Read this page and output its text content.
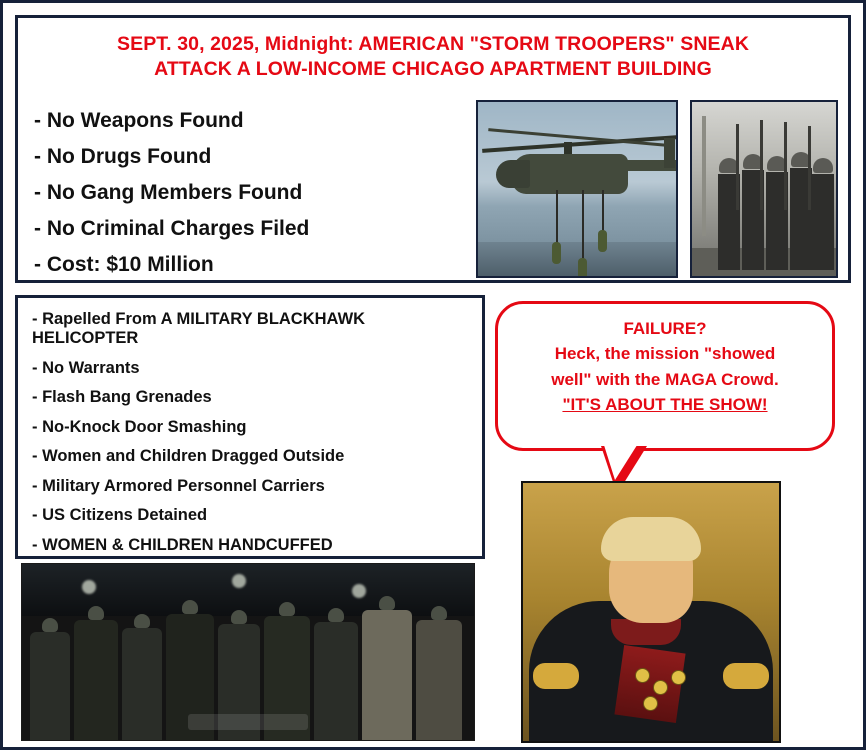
SEPT. 30, 2025, Midnight: AMERICAN "STORM TROOPERS" SNEAK
ATTACK A LOW-INCOME CHICAGO APARTMENT BUILDING
- No Weapons Found
- No Drugs Found
- No Gang Members Found
- No Criminal Charges Filed
- Cost: $10 Million
- Rapelled From A MILITARY BLACKHAWK HELICOPTER
- No Warrants
- Flash Bang Grenades
- No-Knock Door Smashing
- Women and Children Dragged Outside
- Military Armored Personnel Carriers
- US Citizens Detained
- WOMEN & CHILDREN HANDCUFFED

FAILURE?

Heck, the mission "showed

well" with the MAGA Crowd.

"IT'S ABOUT THE SHOW!
